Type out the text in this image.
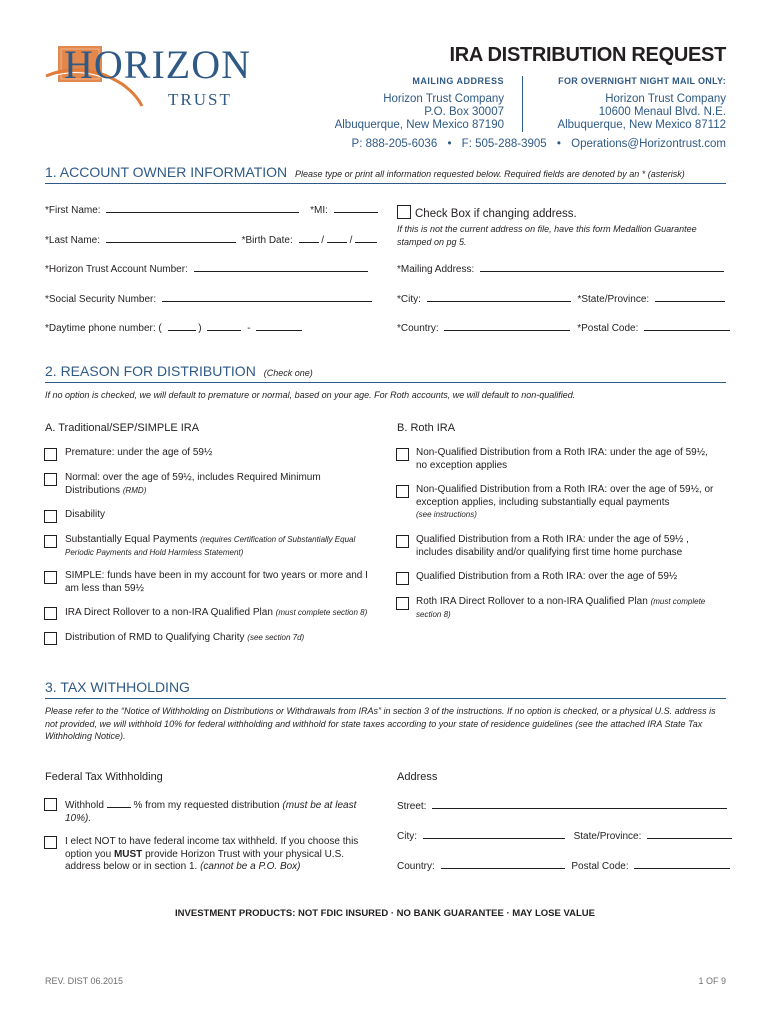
HORIZON
TRUST
IRA DISTRIBUTION REQUEST
MAILING ADDRESS	FOR OVERNIGHT NIGHT MAIL ONLY:
Horizon Trust Company
P.O. Box 30007
Albuquerque, New Mexico 87190
Horizon Trust Company
10600 Menaul Blvd. N.E.
Albuquerque, New Mexico 87112
P: 888-205-6036 • F: 505-288-3905 • Operations@Horizontrust.com
1. ACCOUNT OWNER INFORMATION Please type or print all information requested below. Required fields are denoted by an * (asterisk)
*First Name:	*MI:
*Last Name:	*Birth Date:	/	/
*Horizon Trust Account Number:
*Social Security Number:
*Daytime phone number: (	)	-
Check Box if changing address.
If this is not the current address on file, have this form Medallion Guarantee stamped on pg 5.
*Mailing Address:
*City:	*State/Province:
*Country:	*Postal Code:
2. REASON FOR DISTRIBUTION (Check one)
If no option is checked, we will default to premature or normal, based on your age. For Roth accounts, we will default to non-qualified.
A. Traditional/SEP/SIMPLE IRA	B. Roth IRA
Premature: under the age of 59½
Normal: over the age of 59½, includes Required Minimum Distributions (RMD)
Disability
Substantially Equal Payments (requires Certification of Substantially Equal Periodic Payments and Hold Harmless Statement)
SIMPLE: funds have been in my account for two years or more and I am less than 59½
IRA Direct Rollover to a non-IRA Qualified Plan (must complete section 8)
Distribution of RMD to Qualifying Charity (see section 7d)
Non-Qualified Distribution from a Roth IRA: under the age of 59½, no exception applies
Non-Qualified Distribution from a Roth IRA: over the age of 59½, or exception applies, including substantially equal payments
(see instructions)
Qualified Distribution from a Roth IRA: under the age of 59½ , includes disability and/or qualifying first time home purchase
Qualified Distribution from a Roth IRA: over the age of 59½
Roth IRA Direct Rollover to a non-IRA Qualified Plan (must complete section 8)
3. TAX WITHHOLDING
Please refer to the “Notice of Withholding on Distributions or Withdrawals from IRAs” in section 3 of the instructions. If no option is checked, or a physical U.S. address is not provided, we will withhold 10% for federal withholding and withhold for state taxes according to your state of residence guidelines (see the attached IRA State Tax Withholding Notice).
Federal Tax Withholding	Address
Withhold	% from my requested distribution (must be at least 10%).
I elect NOT to have federal income tax withheld. If you choose this option you MUST provide Horizon Trust with your physical U.S. address below or in section 1. (cannot be a P.O. Box)
Street:
City:	State/Province:
Country:	Postal Code:
INVESTMENT PRODUCTS: NOT FDIC INSURED · NO BANK GUARANTEE · MAY LOSE VALUE
REV. DIST 06.2015	1 OF 9
